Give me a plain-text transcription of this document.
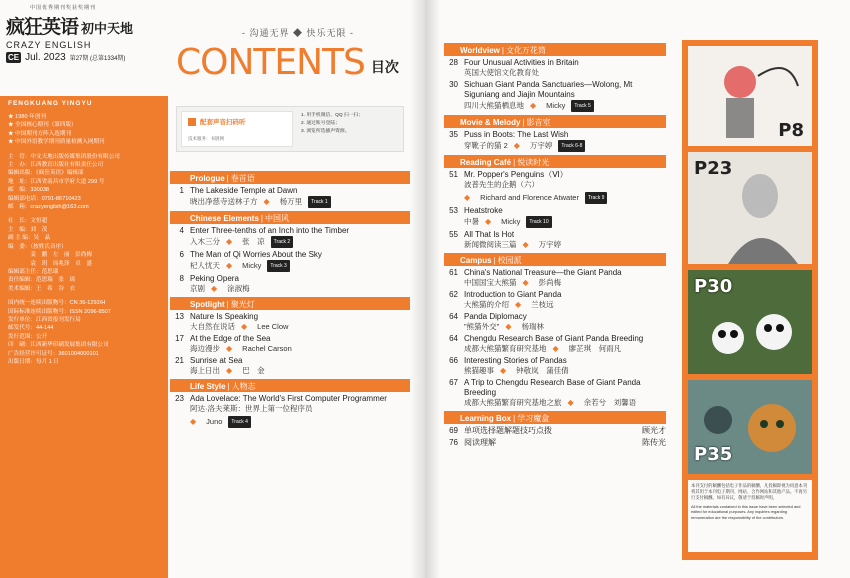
中国优秀期刊奖获奖期刊
疯狂英语 初中天地
CRAZY ENGLISH
CE Jul. 2023 第27期 (总第1334期)
FENGKUANG YINGYU
★ 1980 年创刊
★ 全国核心期刊（第四版）
★ 中国期刊方阵入选期刊
★ 中国外语教学期刊质量检测入网期刊
主　管：中文天地出版传媒集团股份有限公司
主　办：江西教育出版社有限责任公司
编辑出版：《疯狂英语》编辑部
地　址：江西省南昌市学府大道 299 号
邮　编：330038
编辑部电话：0791-86710423
邮　箱：crazyenglish@163.com
社　长：文恒超
主　编：刘　茂
副 主 编：吴　晶
编　委：（按姓氏音序）
　　　　姜　鹏　左　丽　彭尚梅
　　　　袁　玥　周兆泽　卓　盛
编辑部主任：范思瑞
责任编辑：范思瑞　张　瑶
美术编辑：王　希　谷　衣
国内统一连续出版物号：CN 36-1292/H
国际标准连续出版物号：ISSN 2096-8507
发行单位：江西省报刊发行局
邮发代号：44-144
发行范围：公开
印　刷：江西新华印刷发展集团有限公司
广告经营许可证号：3601004000101
出版日期：每月 1 日
- 沟通无界 ◆ 快乐无限 -
CONTENTS 目次
配套声音扫码听
技术服务：书链网
1. 用手机微信、QQ 扫一扫；
2. 通过账号登陆；
3. 浏览所选播声资源。
Prologue | 卷首语
1 The Lakeside Temple at Dawn
晓出净慈寺送林子方 ◆ 杨万里	Track 1
Chinese Elements | 中国风
4 Enter Three-tenths of an Inch into the Timber
入木三分 ◆ 张　凉	Track 2
6 The Man of Qi Worries About the Sky
杞人忧天 ◆ Micky	Track 3
8 Peking Opera
京剧 ◆ 涂淑梅
Spotlight | 聚光灯
13 Nature Is Speaking
大自然在说话 ◆ Lee Clow
17 At the Edge of the Sea
海边漫步 ◆ Rachel Carson
21 Sunrise at Sea
海上日出 ◆ 巴　金
Life Style | 人物志
23 Ada Lovelace: The World's First Computer Programmer
阿达·洛夫莱斯：世界上第一位程序员
◆ Juno	Track 4
Worldview | 文化万花筒
28 Four Unusual Activities in Britain
英国大使馆文化教育处
30 Sichuan Giant Panda Sanctuaries—Wolong, Mt Siguniang and Jiajin Mountains
四川大熊猫栖息地 ◆ Micky	Track 5
Movie & Melody | 影音室
35 Puss in Boots: The Last Wish
穿靴子的猫 2 ◆ 万宇婷	Track 6-8
Reading Café | 悦读时光
51 Mr. Popper's Penguins（Ⅵ）
波普先生的企鹅（六）
◆ Richard and Florence Atwater	Track 9
53 Heatstroke
中暑 ◆ Micky	Track 10
55 All That Is Hot
新闻微阅读三篇 ◆ 万宇婷
Campus | 校园派
61 China's National Treasure—the Giant Panda
中国国宝大熊猫 ◆ 彭尚梅
62 Introduction to Giant Panda
大熊猫的介绍 ◆ 兰枝远
64 Panda Diplomacy
"熊猫外交" ◆ 杨瑞林
64 Chengdu Research Base of Giant Panda Breeding
成都大熊猫繁育研究基地 ◆ 廖芷琪　何雨凡
66 Interesting Stories of Pandas
熊猫趣事 ◆ 钟敬岚　蒲佳倩
67 A Trip to Chengdu Research Base of Giant Panda Breeding
成都大熊猫繁育研究基地之旅 ◆ 余若兮　刘馨语
Learning Box | 学习魔盒
69 单项选择题解题技巧点拨	顾光才
76 阅读理解	陈传光
P8
P23
P30
P35
本刊支付的稿酬包括电子作品的稿酬，凡投稿即视为同意本刊将其用于本刊电子期刊、网站、合作网站和其他产品。不再另行支付稿酬。如有异议，敬请于投稿时声明。
All the materials contained in this issue have been selected and edited for educational purposes. Any inquiries regarding remuneration are the responsibility of the contributors.
